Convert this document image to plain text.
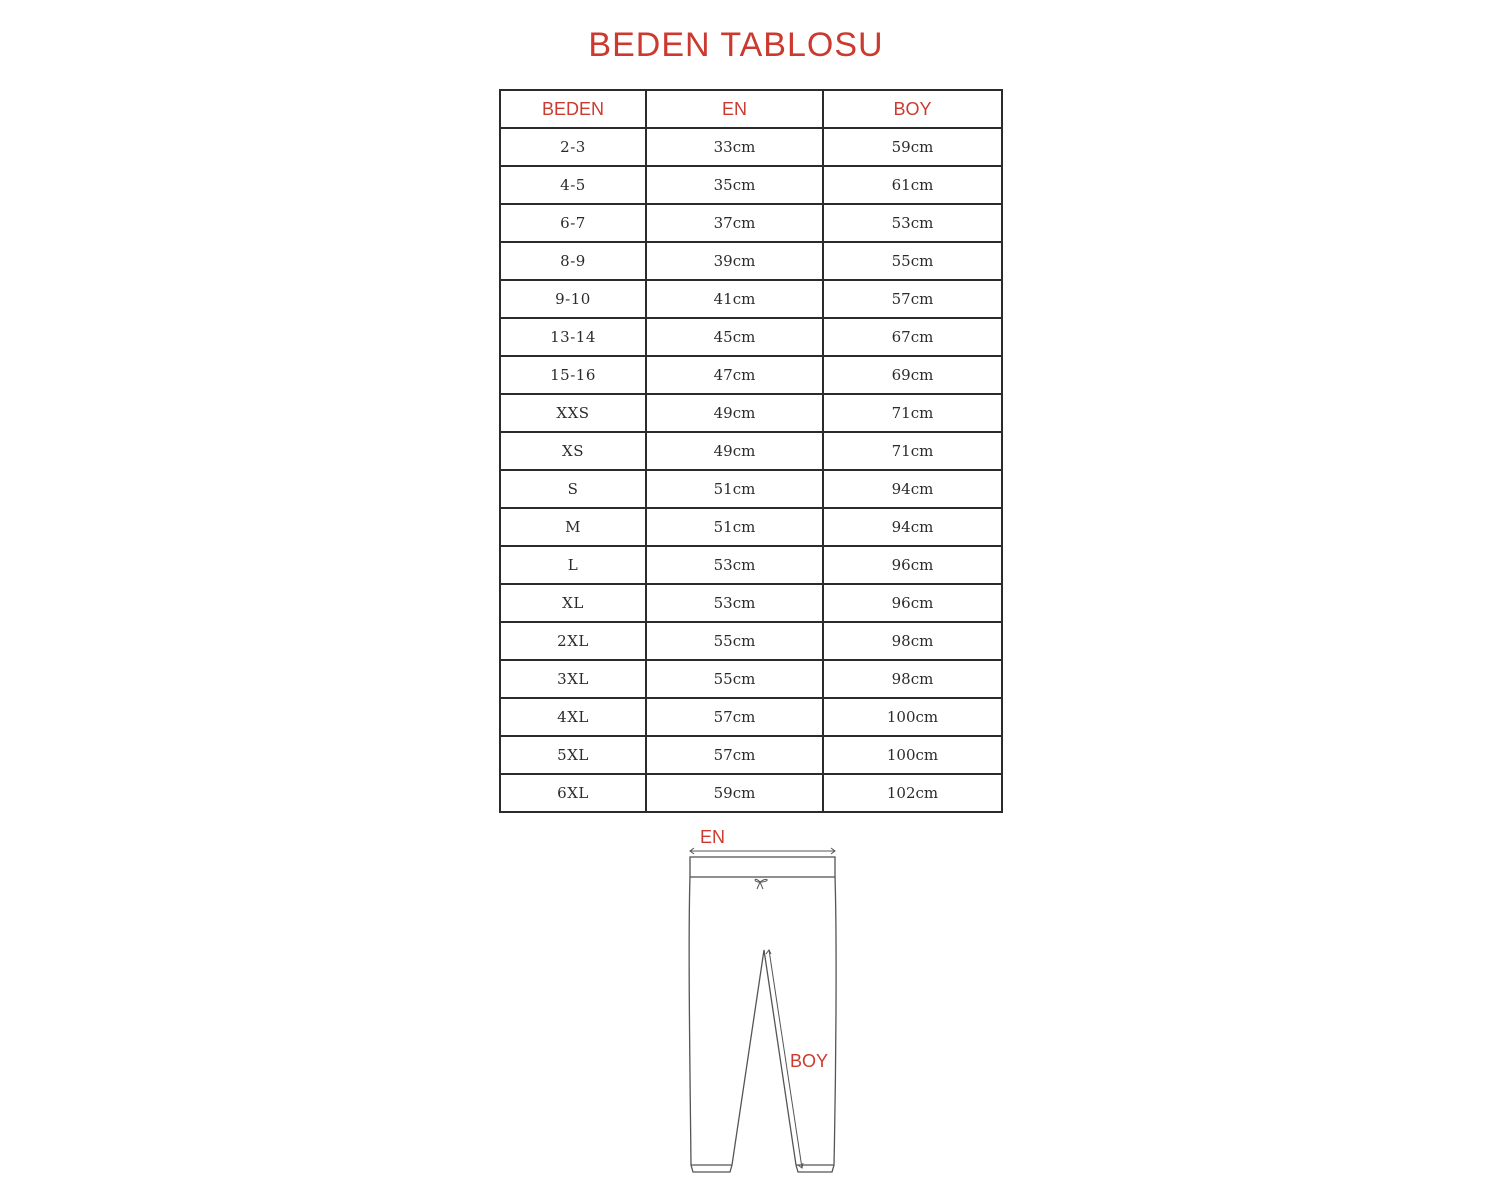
BEDEN TABLOSU
BEDEN	EN	BOY
2-3	33cm	59cm
4-5	35cm	61cm
6-7	37cm	53cm
8-9	39cm	55cm
9-10	41cm	57cm
13-14	45cm	67cm
15-16	47cm	69cm
XXS	49cm	71cm
XS	49cm	71cm
S	51cm	94cm
M	51cm	94cm
L	53cm	96cm
XL	53cm	96cm
2XL	55cm	98cm
3XL	55cm	98cm
4XL	57cm	100cm
5XL	57cm	100cm
6XL	59cm	102cm
EN
BOY
